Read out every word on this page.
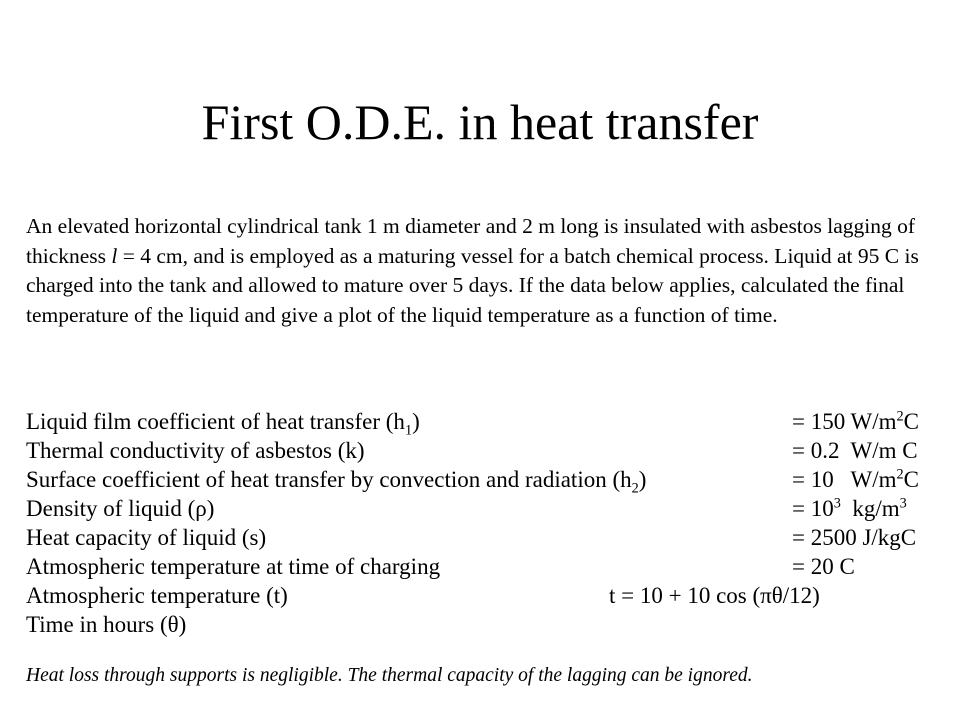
First O.D.E. in heat transfer

An elevated horizontal cylindrical tank 1 m diameter and 2 m long is insulated with asbestos lagging of thickness l = 4 cm, and is employed as a maturing vessel for a batch chemical process. Liquid at 95 C is charged into the tank and allowed to mature over 5 days. If the data below applies, calculated the final temperature of the liquid and give a plot of the liquid temperature as a function of time.

Liquid film coefficient of heat transfer $(h_1)$	= 150 $W/m^2C$
Thermal conductivity of asbestos (k)	= 0.2  W/m C
Surface coefficient of heat transfer by convection and radiation $(h_2)$	= 10   $W/m^2C$
Density of liquid (ρ)	= $10^3$  $kg/m^3$
Heat capacity of liquid (s)	= 2500 J/kgC
Atmospheric temperature at time of charging	= 20 C
Atmospheric temperature (t)	t = 10 + 10 cos (πθ/12)
Time in hours (θ)

Heat loss through supports is negligible. The thermal capacity of the lagging can be ignored.
